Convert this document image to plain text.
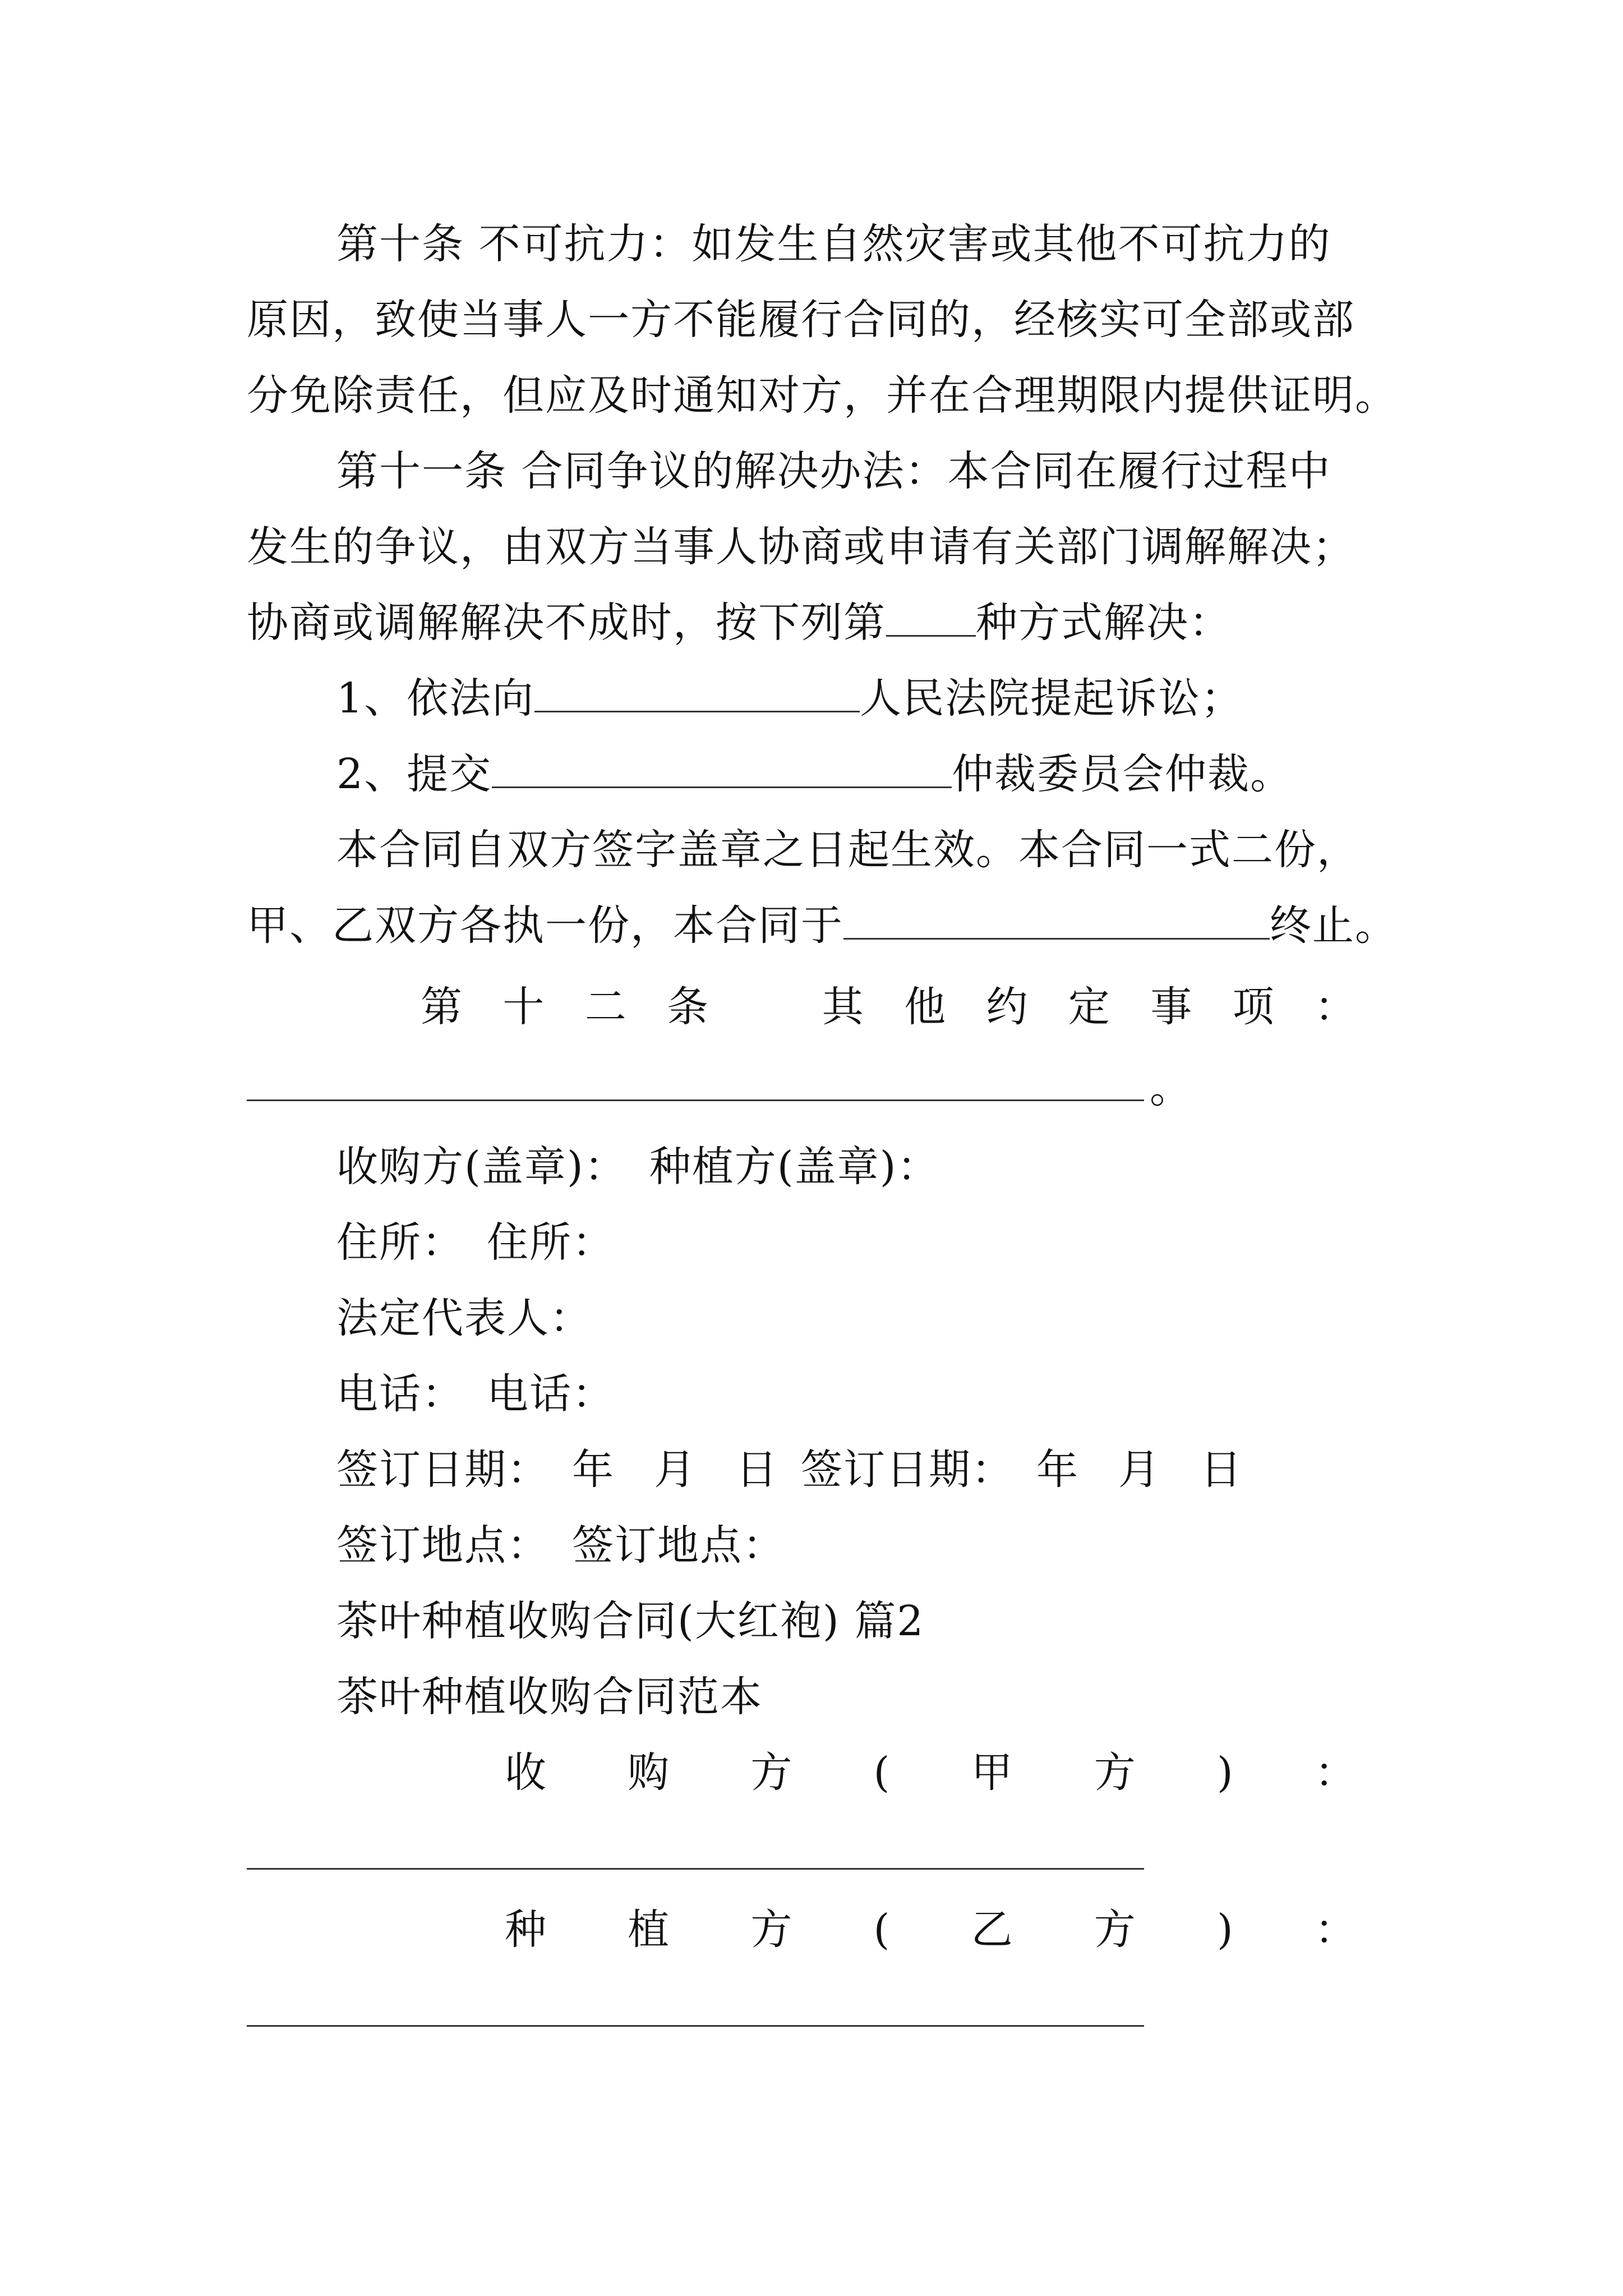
第十条 不可抗力：如发生自然灾害或其他不可抗力的
原因，致使当事人一方不能履行合同的，经核实可全部或部
分免除责任，但应及时通知对方，并在合理期限内提供证明。
第十一条 合同争议的解决办法：本合同在履行过程中
发生的争议，由双方当事人协商或申请有关部门调解解决；
协商或调解解决不成时，按下列第 种方式解决：
1、依法向	人民法院提起诉讼；
2、提交	仲裁委员会仲裁。
本合同自双方签字盖章之日起生效。本合同一式二份，
甲、乙双方各执一份，本合同于	终止。
第 十 二 条	其 他 约 定 事 项 ：
。
收购方(盖章)： 种植方(盖章)：
住所： 住所：
法定代表人：
电话： 电话：
签订日期： 年 月 日 签订日期： 年 月 日
签订地点： 签订地点：
茶叶种植收购合同(大红袍) 篇2
茶叶种植收购合同范本
收 购 方 ( 甲 方 ) ：
种 植 方 ( 乙 方 ) ：
